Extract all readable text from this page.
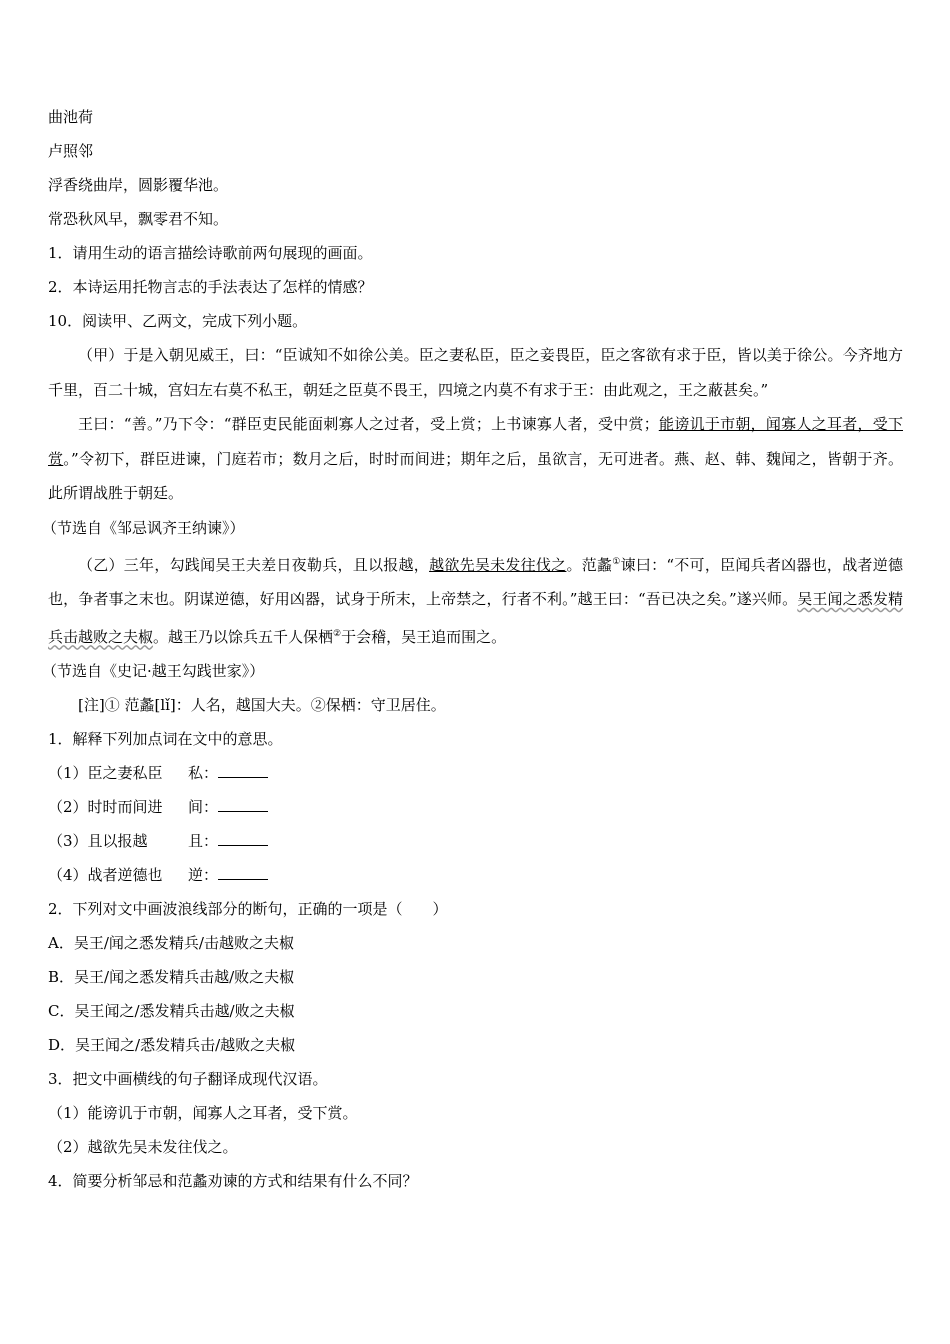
曲池荷
卢照邻
浮香绕曲岸，圆影覆华池。
常恐秋风早，飘零君不知。
1．请用生动的语言描绘诗歌前两句展现的画面。
2．本诗运用托物言志的手法表达了怎样的情感？
10．阅读甲、乙两文，完成下列小题。

（甲）于是入朝见威王，曰：“臣诚知不如徐公美。臣之妻私臣，臣之妾畏臣，臣之客欲有求于臣，皆以美于徐公。今齐地方千里，百二十城，宫妇左右莫不私王，朝廷之臣莫不畏王，四境之内莫不有求于王：由此观之，王之蔽甚矣。”

王曰：“善。”乃下令：“群臣吏民能面刺寡人之过者，受上赏；上书谏寡人者，受中赏；能谤讥于市朝，闻寡人之耳者，受下赏。”令初下，群臣进谏，门庭若市；数月之后，时时而间进；期年之后，虽欲言，无可进者。燕、赵、韩、魏闻之，皆朝于齐。此所谓战胜于朝廷。

（节选自《邹忌讽齐王纳谏》）

（乙）三年，勾践闻吴王夫差日夜勒兵，且以报越，越欲先吴未发往伐之。范蠡①谏曰：“不可，臣闻兵者凶器也，战者逆德也，争者事之末也。阴谋逆德，好用凶器，试身于所末，上帝禁之，行者不利。”越王曰：“吾已决之矣。”遂兴师。吴王闻之悉发精兵击越败之夫椒。越王乃以馀兵五千人保栖②于会稽，吴王追而围之。

（节选自《史记·越王勾践世家》）
[注]① 范蠡[lǐ]：人名，越国大夫。②保栖：守卫居住。
1．解释下列加点词在文中的意思。
（1）臣之妻私臣 私：
（2）时时而间进 间：
（3）且以报越	且：
（4）战者逆德也 逆：
2．下列对文中画波浪线部分的断句，正确的一项是（　　）
A．吴王/闻之悉发精兵/击越败之夫椒
B．吴王/闻之悉发精兵击越/败之夫椒
C．吴王闻之/悉发精兵击越/败之夫椒
D．吴王闻之/悉发精兵击/越败之夫椒
3．把文中画横线的句子翻译成现代汉语。
（1）能谤讥于市朝，闻寡人之耳者，受下赏。
（2）越欲先吴未发往伐之。
4．简要分析邹忌和范蠡劝谏的方式和结果有什么不同？
